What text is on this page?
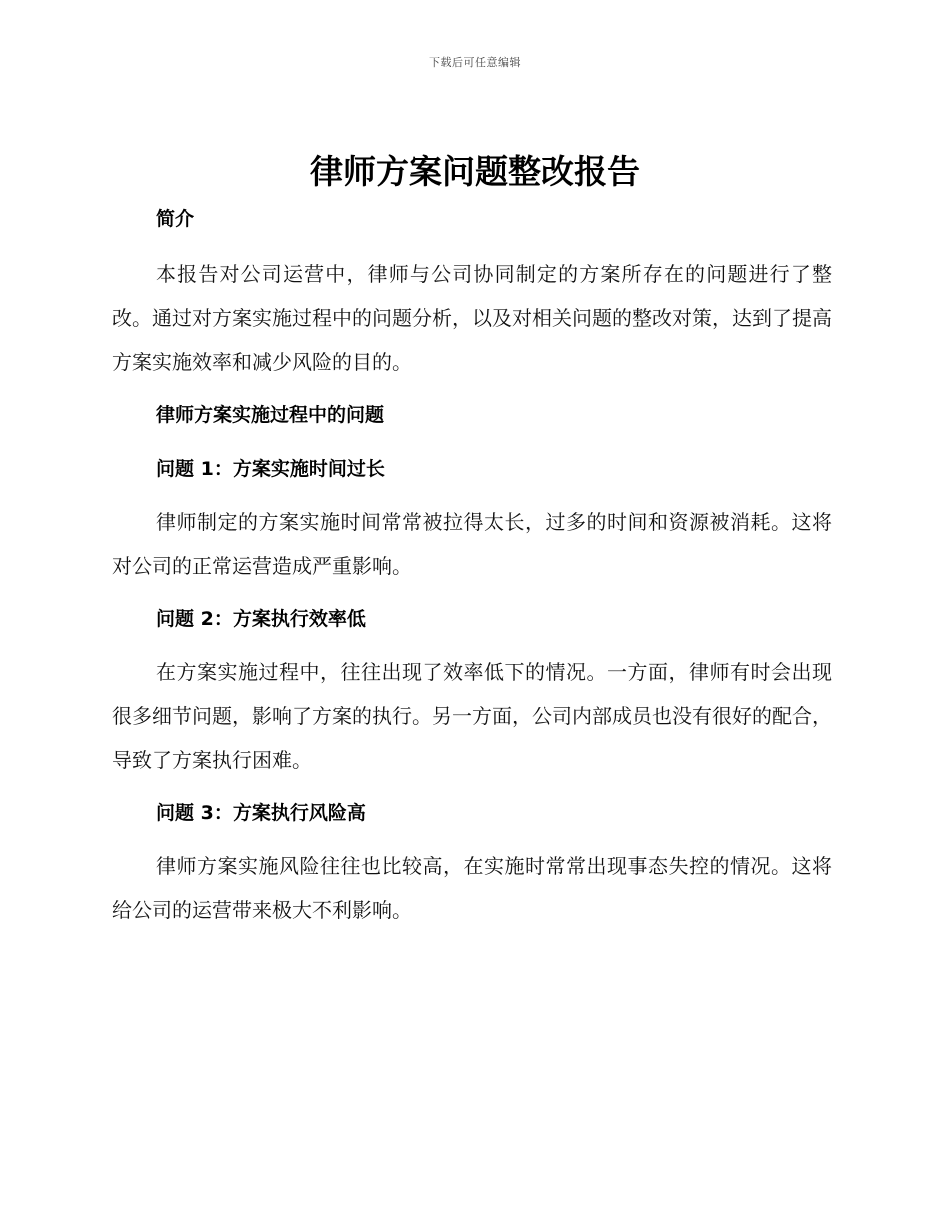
下载后可任意编辑
律师方案问题整改报告

简介

本报告对公司运营中，律师与公司协同制定的方案所存在的问题进行了整改。通过对方案实施过程中的问题分析，以及对相关问题的整改对策，达到了提高方案实施效率和减少风险的目的。

律师方案实施过程中的问题

问题 1：方案实施时间过长

律师制定的方案实施时间常常被拉得太长，过多的时间和资源被消耗。这将对公司的正常运营造成严重影响。

问题 2：方案执行效率低

在方案实施过程中，往往出现了效率低下的情况。一方面，律师有时会出现很多细节问题，影响了方案的执行。另一方面，公司内部成员也没有很好的配合，导致了方案执行困难。

问题 3：方案执行风险高

律师方案实施风险往往也比较高，在实施时常常出现事态失控的情况。这将给公司的运营带来极大不利影响。
